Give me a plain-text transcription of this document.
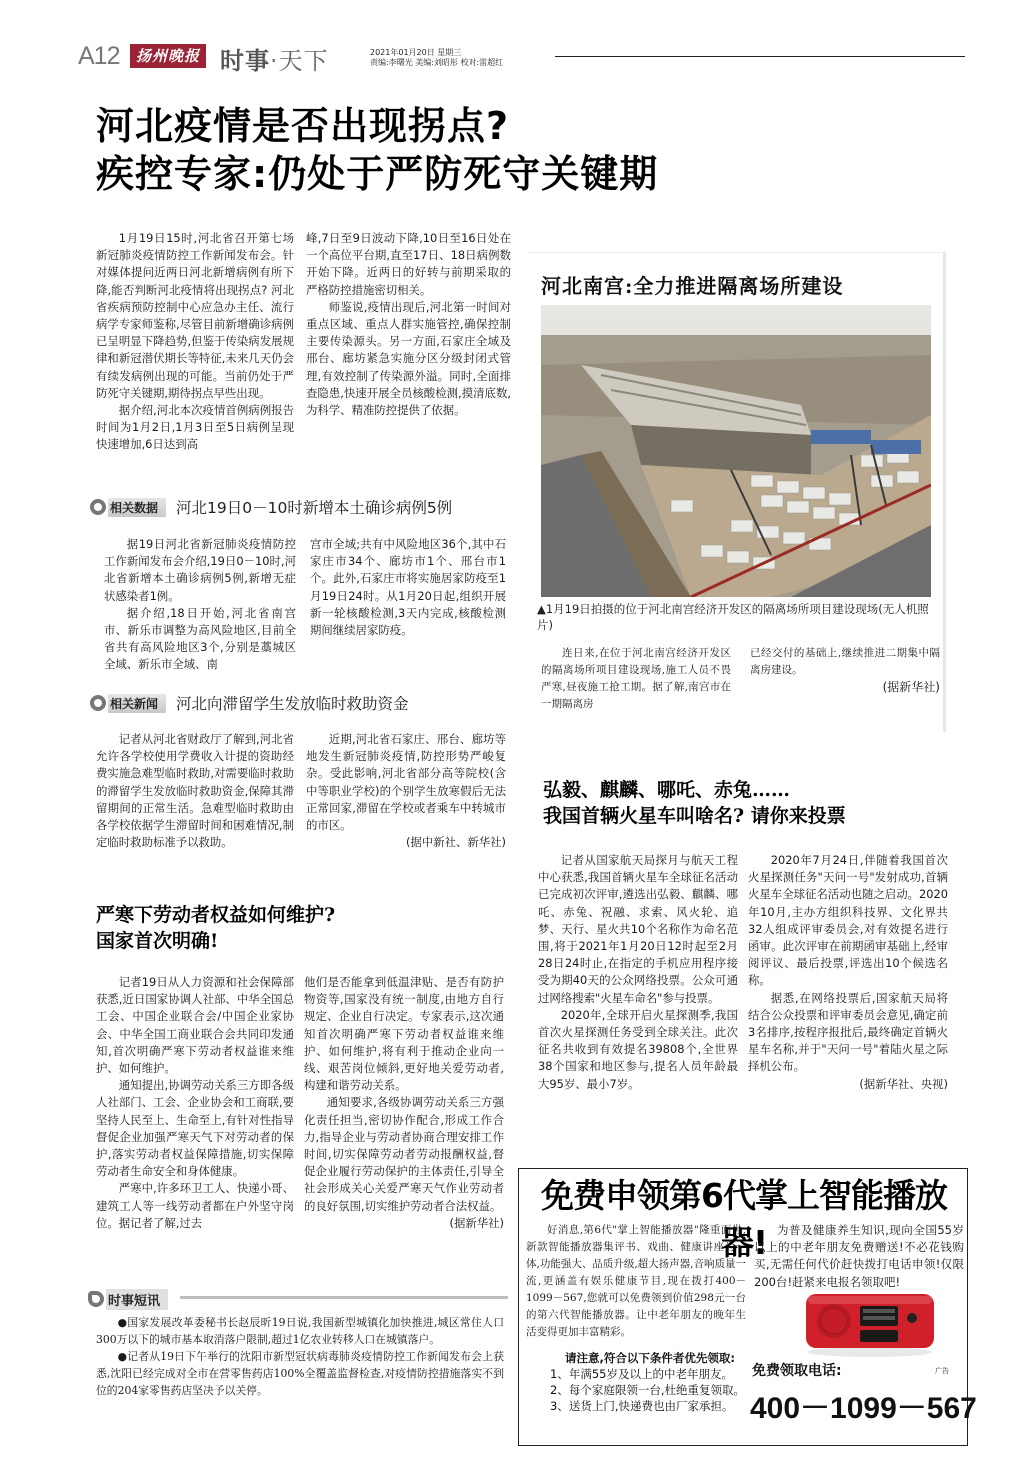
A12	扬州晚报 时事·天下	2021年01月20日 星期三
责编:李曙光 美编:刘昭彤 校对:雷超红
河北疫情是否出现拐点?
疾控专家:仍处于严防死守关键期

1月19日15时,河北省召开第七场新冠肺炎疫情防控工作新闻发布会。针对媒体提问近两日河北新增病例有所下降,能否判断河北疫情将出现拐点? 河北省疾病预防控制中心应急办主任、流行病学专家师鉴称,尽管目前新增确诊病例已呈明显下降趋势,但鉴于传染病发展规律和新冠潜伏期长等特征,未来几天仍会有续发病例出现的可能。当前仍处于严防死守关键期,期待拐点早些出现。

据介绍,河北本次疫情首例病例报告时间为1月2日,1月3日至5日病例呈现快速增加,6日达到高

峰,7日至9日波动下降,10日至16日处在一个高位平台期,直至17日、18日病例数开始下降。近两日的好转与前期采取的严格防控措施密切相关。

师鉴说,疫情出现后,河北第一时间对重点区域、重点人群实施管控,确保控制主要传染源头。另一方面,石家庄全域及邢台、廊坊紧急实施分区分级封闭式管理,有效控制了传染源外溢。同时,全面排查隐患,快速开展全员核酸检测,摸清底数,为科学、精准防控提供了依据。

相关数据	河北19日0－10时新增本土确诊病例5例

据19日河北省新冠肺炎疫情防控工作新闻发布会介绍,19日0－10时,河北省新增本土确诊病例5例,新增无症状感染者1例。

据介绍,18日开始,河北省南宫市、新乐市调整为高风险地区,目前全省共有高风险地区3个,分别是藁城区全域、新乐市全域、南

宫市全域;共有中风险地区36个,其中石家庄市34个、廊坊市1个、邢台市1个。此外,石家庄市将实施居家防疫至1月19日24时。从1月20日起,组织开展新一轮核酸检测,3天内完成,核酸检测期间继续居家防疫。

相关新闻	河北向滞留学生发放临时救助资金

记者从河北省财政厅了解到,河北省允许各学校使用学费收入计提的资助经费实施急难型临时救助,对需要临时救助的滞留学生发放临时救助资金,保障其滞留期间的正常生活。急难型临时救助由各学校依据学生滞留时间和困难情况,制定临时救助标准予以救助。

近期,河北省石家庄、邢台、廊坊等地发生新冠肺炎疫情,防控形势严峻复杂。受此影响,河北省部分高等院校(含中等职业学校)的个别学生放寒假后无法正常回家,滞留在学校或者乘车中转城市的市区。

(据中新社、新华社)

河北南宫:全力推进隔离场所建设
▲1月19日拍摄的位于河北南宫经济开发区的隔离场所项目建设现场(无人机照片)
连日来,在位于河北南宫经济开发区的隔离场所项目建设现场,施工人员不畏严寒,昼夜施工抢工期。据了解,南宫市在一期隔离房
已经交付的基础上,继续推进二期集中隔离房建设。
(据新华社)
弘毅、麒麟、哪吒、赤兔……
我国首辆火星车叫啥名? 请你来投票

记者从国家航天局探月与航天工程中心获悉,我国首辆火星车全球征名活动已完成初次评审,遴选出弘毅、麒麟、哪吒、赤兔、祝融、求索、风火轮、追梦、天行、星火共10个名称作为命名范围,将于2021年1月20日12时起至2月28日24时止,在指定的手机应用程序接受为期40天的公众网络投票。公众可通过网络搜索"火星车命名"参与投票。

2020年,全球开启火星探测季,我国首次火星探测任务受到全球关注。此次征名共收到有效提名39808个,全世界38个国家和地区参与,提名人员年龄最大95岁、最小7岁。

2020年7月24日,伴随着我国首次火星探测任务"天问一号"发射成功,首辆火星车全球征名活动也随之启动。2020年10月,主办方组织科技界、文化界共32人组成评审委员会,对有效提名进行函审。此次评审在前期函审基础上,经审阅评议、最后投票,评选出10个候选名称。

据悉,在网络投票后,国家航天局将结合公众投票和评审委员会意见,确定前3名排序,按程序报批后,最终确定首辆火星车名称,并于"天问一号"着陆火星之际择机公布。

(据新华社、央视)

严寒下劳动者权益如何维护?
国家首次明确!

记者19日从人力资源和社会保障部获悉,近日国家协调人社部、中华全国总工会、中国企业联合会/中国企业家协会、中华全国工商业联合会共同印发通知,首次明确严寒下劳动者权益谁来维护、如何维护。

通知提出,协调劳动关系三方即各级人社部门、工会、企业协会和工商联,要坚持人民至上、生命至上,有针对性指导督促企业加强严寒天气下对劳动者的保护,落实劳动者权益保障措施,切实保障劳动者生命安全和身体健康。

严寒中,许多环卫工人、快递小哥、建筑工人等一线劳动者都在户外坚守岗位。据记者了解,过去

他们是否能拿到低温津贴、是否有防护物资等,国家没有统一制度,由地方自行规定、企业自行决定。专家表示,这次通知首次明确严寒下劳动者权益谁来维护、如何维护,将有利于推动企业向一线、艰苦岗位倾斜,更好地关爱劳动者,构建和谐劳动关系。

通知要求,各级协调劳动关系三方强化责任担当,密切协作配合,形成工作合力,指导企业与劳动者协商合理安排工作时间,切实保障劳动者劳动报酬权益,督促企业履行劳动保护的主体责任,引导全社会形成关心关爱严寒天气作业劳动者的良好氛围,切实维护劳动者合法权益。

(据新华社)

时事短讯

●国家发展改革委秘书长赵辰昕19日说,我国新型城镇化加快推进,城区常住人口300万以下的城市基本取消落户限制,超过1亿农业转移人口在城镇落户。

●记者从19日下午举行的沈阳市新型冠状病毒肺炎疫情防控工作新闻发布会上获悉,沈阳已经完成对全市在营零售药店100%全覆盖监督检查,对疫情防控措施落实不到位的204家零售药店坚决予以关停。

免费申领第6代掌上智能播放器!
好消息,第6代"掌上智能播放器"隆重面世,新款智能播放器集评书、戏曲、健康讲座为一体,功能强大、品质升级,超大扬声器,音响质量一流,更涵盖有娱乐健康节目,现在拨打400－1099－567,您就可以免费领到价值298元一台的第六代智能播放器。让中老年朋友的晚年生活变得更加丰富精彩。
请注意,符合以下条件者优先领取:
1、年满55岁及以上的中老年朋友。
2、每个家庭限领一台,杜绝重复领取。
3、送货上门,快递费也由厂家承担。

为普及健康养生知识,现向全国55岁以上的中老年朋友免费赠送!不必花钱购买,无需任何代价赶快拨打电话申领!仅限200台!赶紧来电报名领取吧!

免费领取电话:	广告
400－1099－567
